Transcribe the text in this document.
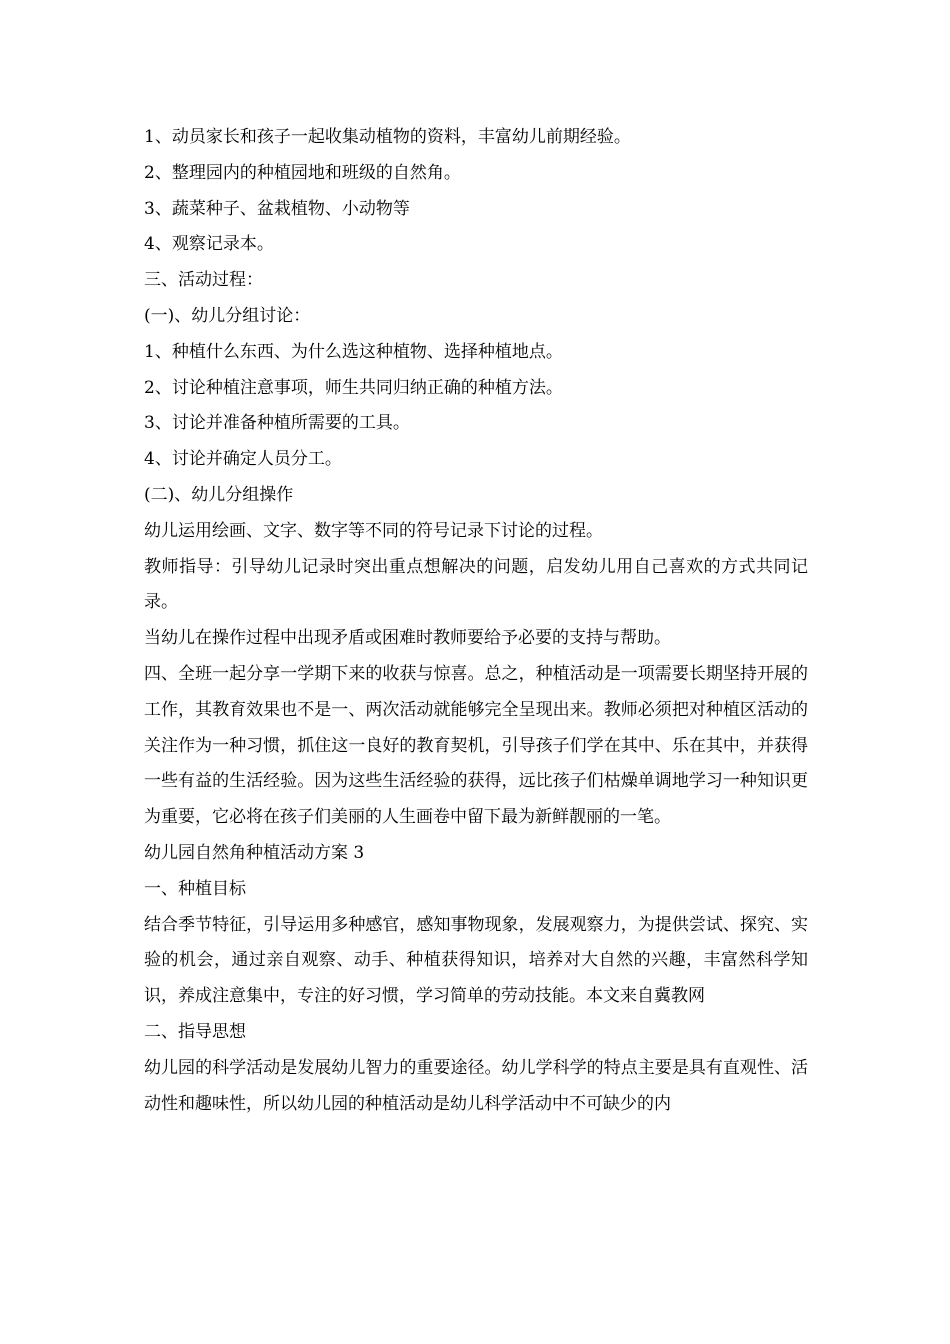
1、动员家长和孩子一起收集动植物的资料，丰富幼儿前期经验。

2、整理园内的种植园地和班级的自然角。

3、蔬菜种子、盆栽植物、小动物等

4、观察记录本。

三、活动过程：

(一)、幼儿分组讨论：

1、种植什么东西、为什么选这种植物、选择种植地点。

2、讨论种植注意事项，师生共同归纳正确的种植方法。

3、讨论并准备种植所需要的工具。

4、讨论并确定人员分工。

(二)、幼儿分组操作

幼儿运用绘画、文字、数字等不同的符号记录下讨论的过程。

教师指导：引导幼儿记录时突出重点想解决的问题，启发幼儿用自己喜欢的方式共同记录。

当幼儿在操作过程中出现矛盾或困难时教师要给予必要的支持与帮助。

四、全班一起分享一学期下来的收获与惊喜。总之，种植活动是一项需要长期坚持开展的工作，其教育效果也不是一、两次活动就能够完全呈现出来。教师必须把对种植区活动的关注作为一种习惯，抓住这一良好的教育契机，引导孩子们学在其中、乐在其中，并获得一些有益的生活经验。因为这些生活经验的获得，远比孩子们枯燥单调地学习一种知识更为重要，它必将在孩子们美丽的人生画卷中留下最为新鲜靓丽的一笔。

幼儿园自然角种植活动方案 3

一、种植目标

结合季节特征，引导运用多种感官，感知事物现象，发展观察力，为提供尝试、探究、实验的机会，通过亲自观察、动手、种植获得知识，培养对大自然的兴趣，丰富然科学知识，养成注意集中，专注的好习惯，学习简单的劳动技能。本文来自冀教网

二、指导思想

幼儿园的科学活动是发展幼儿智力的重要途径。幼儿学科学的特点主要是具有直观性、活动性和趣味性，所以幼儿园的种植活动是幼儿科学活动中不可缺少的内
